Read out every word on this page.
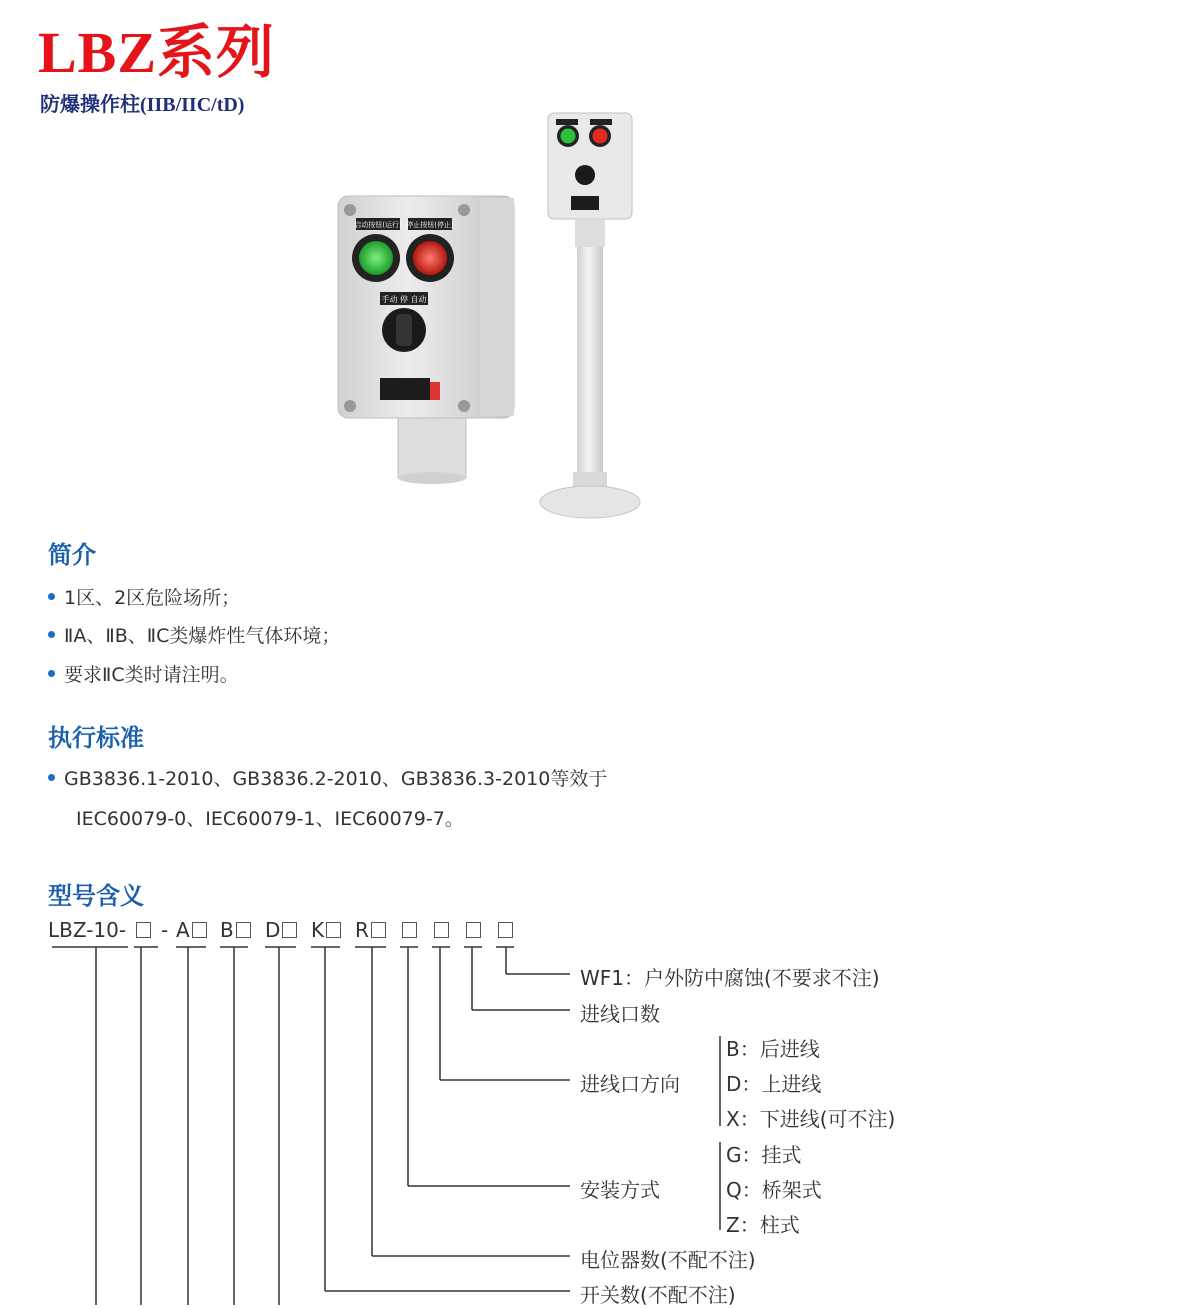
LBZ系列
防爆操作柱(IIB/IIC/tD)
启动按钮(运行) 停止按钮(停止)
手动 停 自动
简介
1区、2区危险场所；
ⅡA、ⅡB、ⅡC类爆炸性气体环境；
要求ⅡC类时请注明。
执行标准
GB3836.1-2010、GB3836.2-2010、GB3836.3-2010等效于
IEC60079-0、IEC60079-1、IEC60079-7。
型号含义
LBZ-10- - A	B	D	K	R
WF1：户外防中腐蚀(不要求不注)
进线口数
进线口方向
B：后进线
D：上进线
X：下进线(可不注)
安装方式
G：挂式
Q：桥架式
Z：柱式
电位器数(不配不注)
开关数(不配不注)
